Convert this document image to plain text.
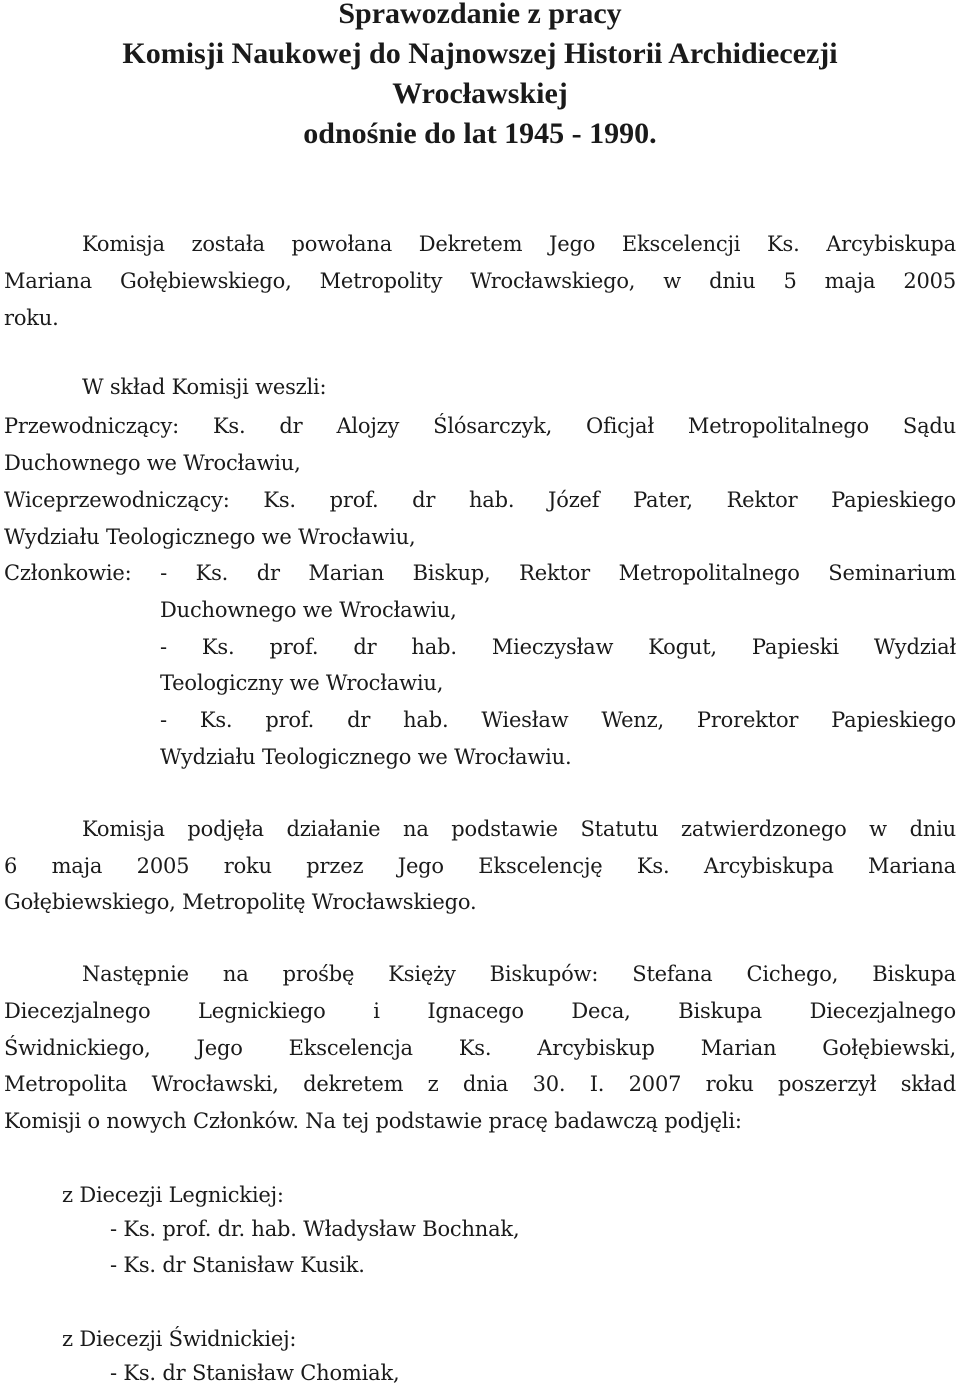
Sprawozdanie z pracy
Komisji Naukowej do Najnowszej Historii Archidiecezji
Wrocławskiej
odnośnie do lat 1945 - 1990.
Komisja została powołana Dekretem Jego Ekscelencji Ks. Arcybiskupa
Mariana Gołębiewskiego, Metropolity Wrocławskiego, w dniu 5 maja 2005
roku.
W skład Komisji weszli:
Przewodniczący: Ks. dr Alojzy Ślósarczyk, Oficjał Metropolitalnego Sądu
Duchownego we Wrocławiu,
Wiceprzewodniczący: Ks. prof. dr hab. Józef Pater, Rektor Papieskiego
Wydziału Teologicznego we Wrocławiu,
Członkowie: - Ks. dr Marian Biskup, Rektor Metropolitalnego Seminarium
Duchownego we Wrocławiu,
- Ks. prof. dr hab. Mieczysław Kogut, Papieski Wydział
Teologiczny we Wrocławiu,
- Ks. prof. dr hab. Wiesław Wenz, Prorektor Papieskiego
Wydziału Teologicznego we Wrocławiu.
Komisja podjęła działanie na podstawie Statutu zatwierdzonego w dniu
6 maja 2005 roku przez Jego Ekscelencję Ks. Arcybiskupa Mariana
Gołębiewskiego, Metropolitę Wrocławskiego.
Następnie na prośbę Księży Biskupów: Stefana Cichego, Biskupa
Diecezjalnego Legnickiego i Ignacego Deca, Biskupa Diecezjalnego
Świdnickiego, Jego Ekscelencja Ks. Arcybiskup Marian Gołębiewski,
Metropolita Wrocławski, dekretem z dnia 30. I. 2007 roku poszerzył skład
Komisji o nowych Członków. Na tej podstawie pracę badawczą podjęli:
z Diecezji Legnickiej:
- Ks. prof. dr. hab. Władysław Bochnak,
- Ks. dr Stanisław Kusik.
z Diecezji Świdnickiej:
- Ks. dr Stanisław Chomiak,
